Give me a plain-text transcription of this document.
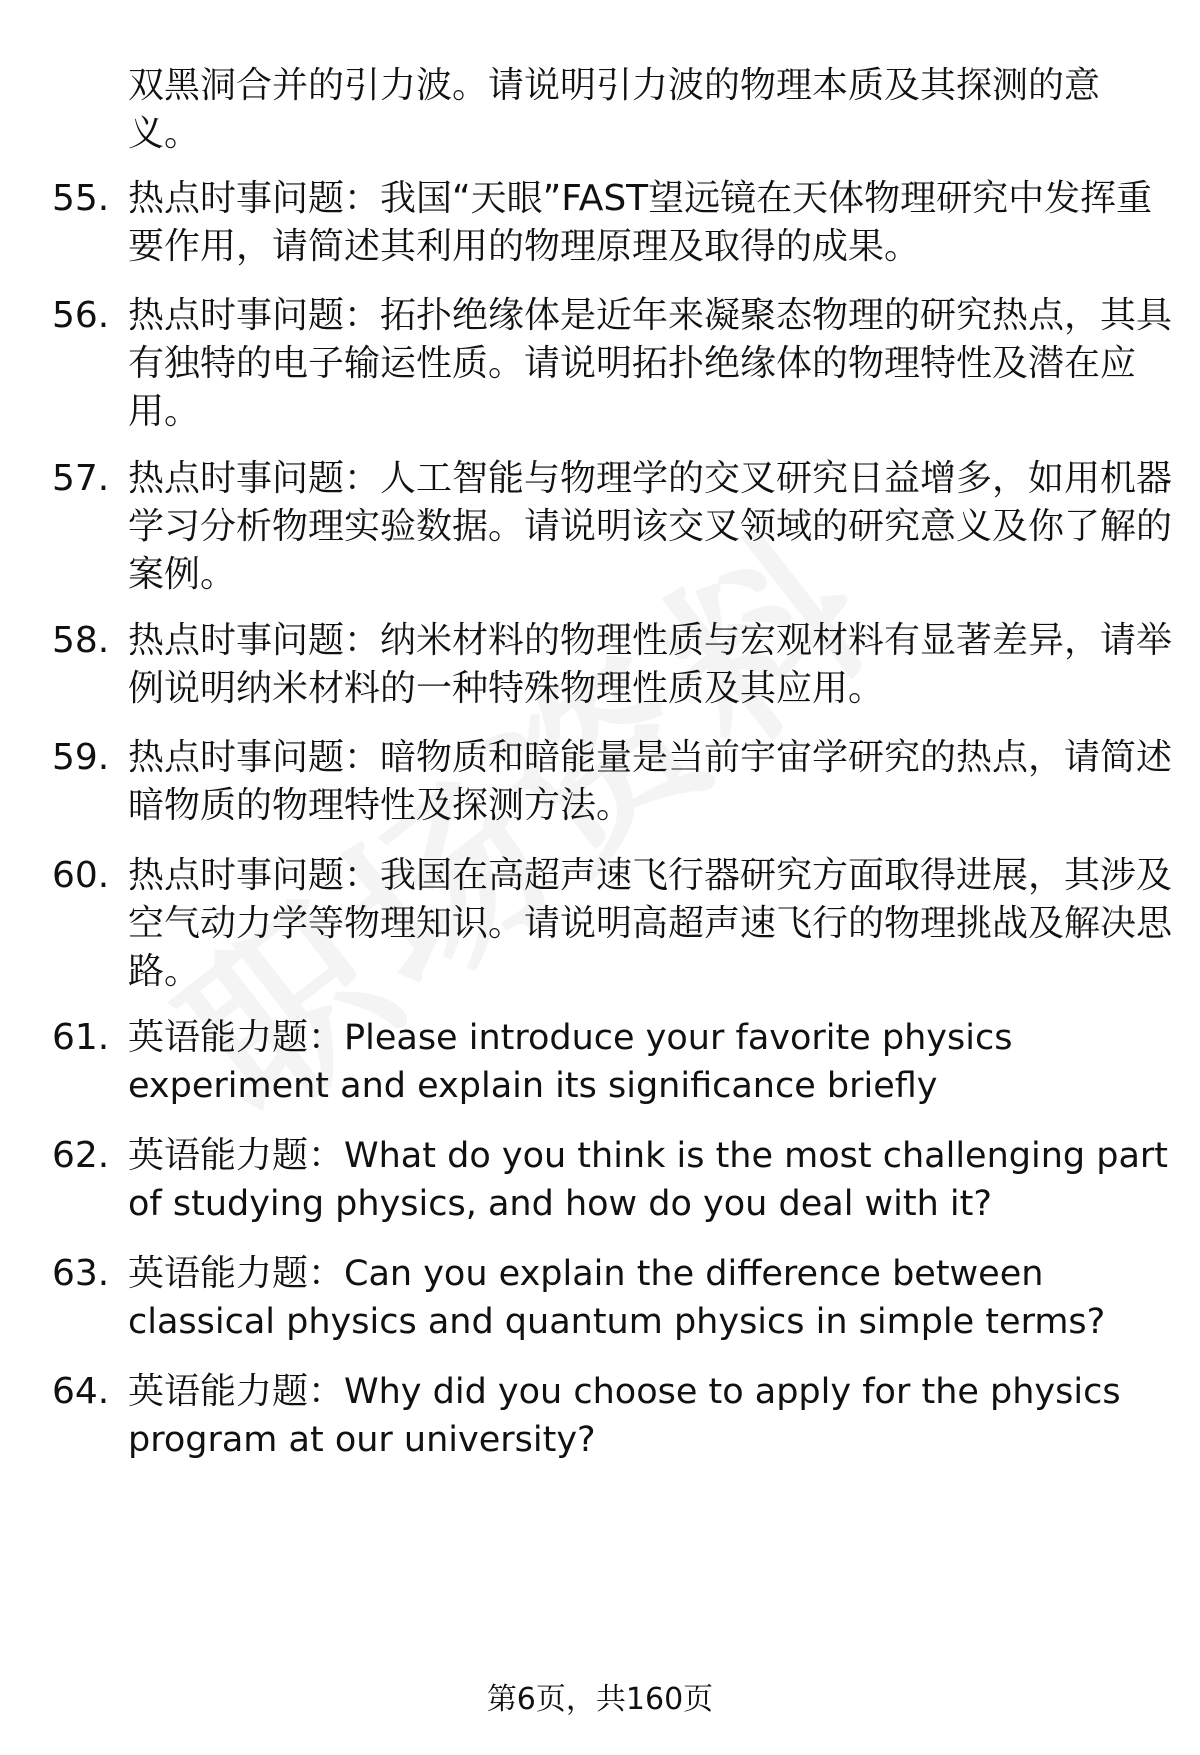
双黑洞合并的引力波。请说明引力波的物理本质及其探测的意义。
55. 热点时事问题：我国“天眼”FAST望远镜在天体物理研究中发挥重要作用，请简述其利用的物理原理及取得的成果。
56. 热点时事问题：拓扑绝缘体是近年来凝聚态物理的研究热点，其具有独特的电子输运性质。请说明拓扑绝缘体的物理特性及潜在应用。
57. 热点时事问题：人工智能与物理学的交叉研究日益增多，如用机器学习分析物理实验数据。请说明该交叉领域的研究意义及你了解的案例。
58. 热点时事问题：纳米材料的物理性质与宏观材料有显著差异，请举例说明纳米材料的一种特殊物理性质及其应用。
59. 热点时事问题：暗物质和暗能量是当前宇宙学研究的热点，请简述暗物质的物理特性及探测方法。
60. 热点时事问题：我国在高超声速飞行器研究方面取得进展，其涉及空气动力学等物理知识。请说明高超声速飞行的物理挑战及解决思路。
61. 英语能力题：Please introduce your favorite physics experiment and explain its significance briefly
62. 英语能力题：What do you think is the most challenging part of studying physics, and how do you deal with it?
63. 英语能力题：Can you explain the difference between classical physics and quantum physics in simple terms?
64. 英语能力题：Why did you choose to apply for the physics program at our university?
第6页，共160页
